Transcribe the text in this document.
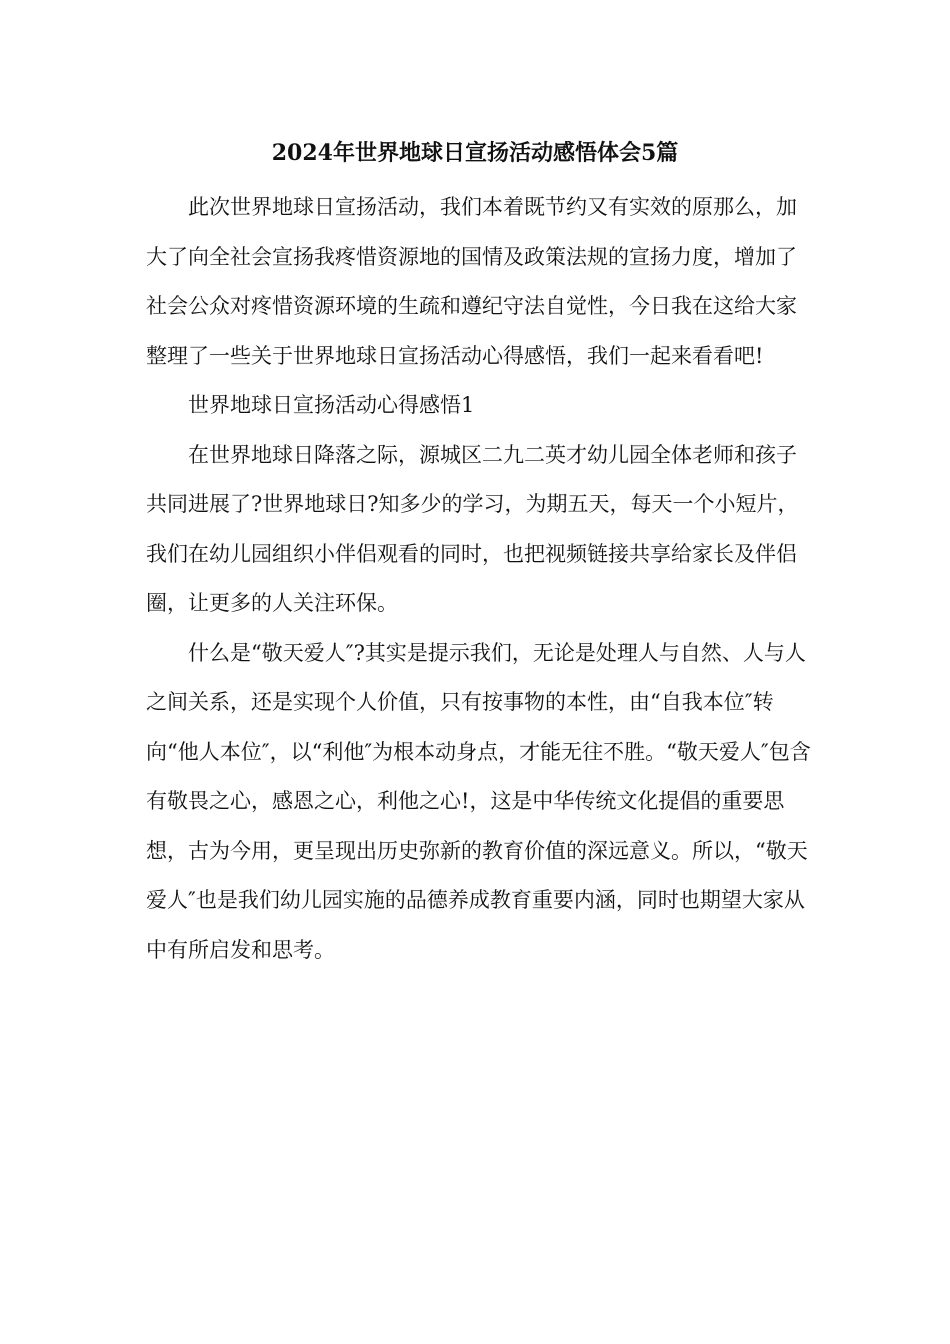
2024年世界地球日宣扬活动感悟体会5篇

此次世界地球日宣扬活动，我们本着既节约又有实效的原那么，加大了向全社会宣扬我疼惜资源地的国情及政策法规的宣扬力度，增加了社会公众对疼惜资源环境的生疏和遵纪守法自觉性，今日我在这给大家整理了一些关于世界地球日宣扬活动心得感悟，我们一起来看看吧!

世界地球日宣扬活动心得感悟1

在世界地球日降落之际，源城区二九二英才幼儿园全体老师和孩子共同进展了?世界地球日?知多少的学习，为期五天，每天一个小短片，我们在幼儿园组织小伴侣观看的同时，也把视频链接共享给家长及伴侣圈，让更多的人关注环保。

什么是“敬天爱人″?其实是提示我们，无论是处理人与自然、人与人之间关系，还是实现个人价值，只有按事物的本性，由“自我本位″转向“他人本位″，以“利他″为根本动身点，才能无往不胜。“敬天爱人″包含有敬畏之心，感恩之心，利他之心!，这是中华传统文化提倡的重要思想，古为今用，更呈现出历史弥新的教育价值的深远意义。所以，“敬天爱人″也是我们幼儿园实施的品德养成教育重要内涵，同时也期望大家从中有所启发和思考。
